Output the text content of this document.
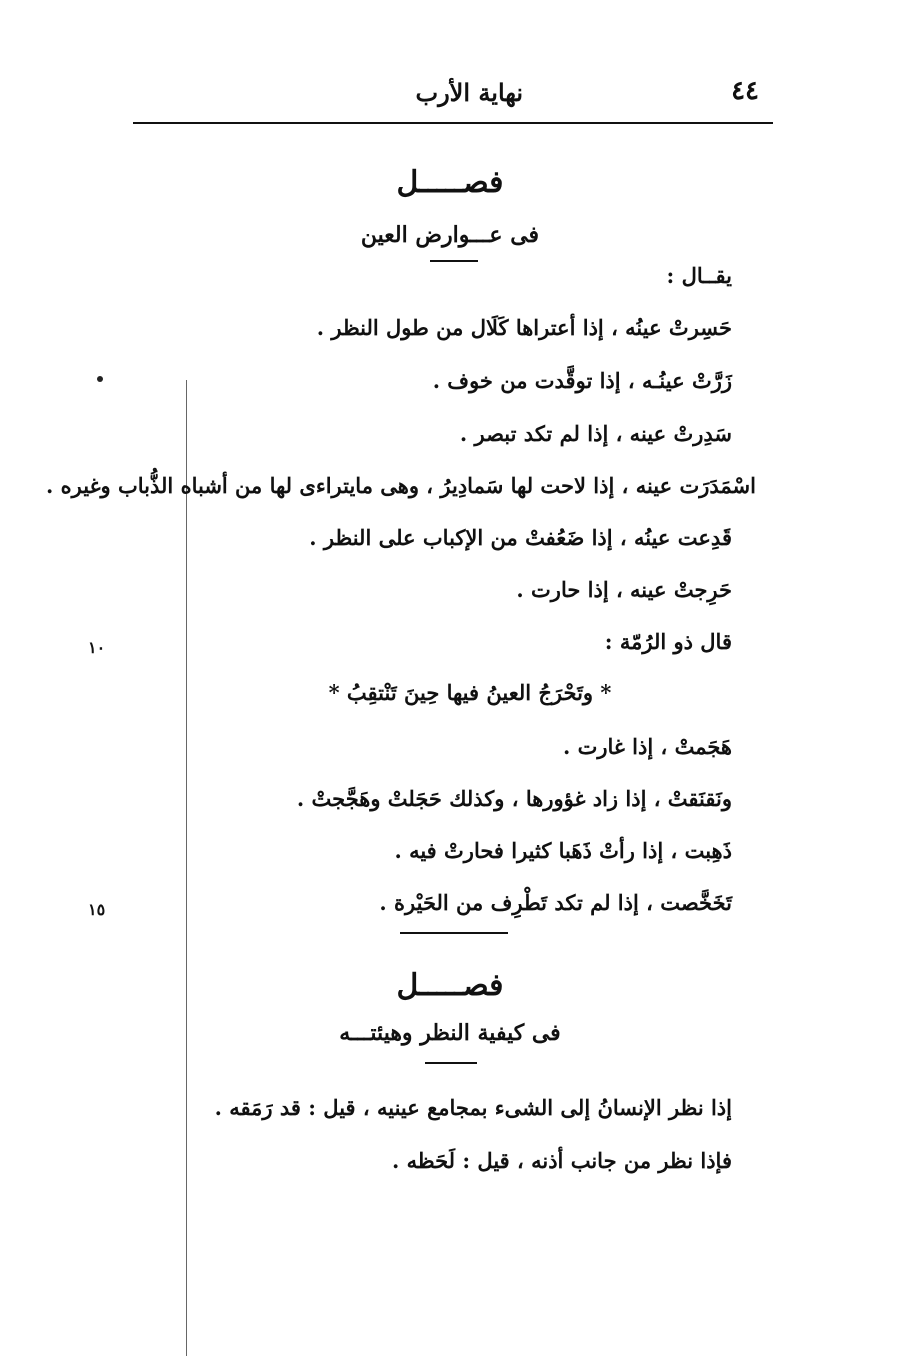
٤٤
نهاية الأرب
١٠
١٥
فصـــــل
فى عـــوارض العين
يقــال :
حَسِرتْ عينُه ، إذا أعتراها كَلَال من طول النظر .
زَرَّتْ عينُـه ، إذا توقَّدت من خوف .
سَدِرتْ عينه ، إذا لم تكد تبصر .
اسْمَدَرَت عينه ، إذا لاحت لها سَمادِيرُ ، وهى مايتراءى لها من أشباه الذُّباب وغيره .
قَدِعت عينُه ، إذا ضَعُفتْ من الإكباب على النظر .
حَرِجتْ عينه ، إذا حارت .
قال ذو الرُمّة :
* وتَحْرَجُ العينُ فيها حِينَ تَنْتقِبُ *
هَجَمتْ ، إذا غارت .
ونَقنَقتْ ، إذا زاد غؤورها ، وكذلك حَجَلتْ وهَجَّجتْ .
ذَهِبت ، إذا رأتْ ذَهَبا كثيرا فحارتْ فيه .
تَخَخَّصت ، إذا لم تكد تَطْرِف من الحَيْرة .
فصـــــل
فى كيفية النظر وهيئتـــه
إذا نظر الإنسانُ إلى الشىء بمجامع عينيه ، قيل : قد رَمَقه .
فإذا نظر من جانب أذنه ، قيل : لَحَظه .
